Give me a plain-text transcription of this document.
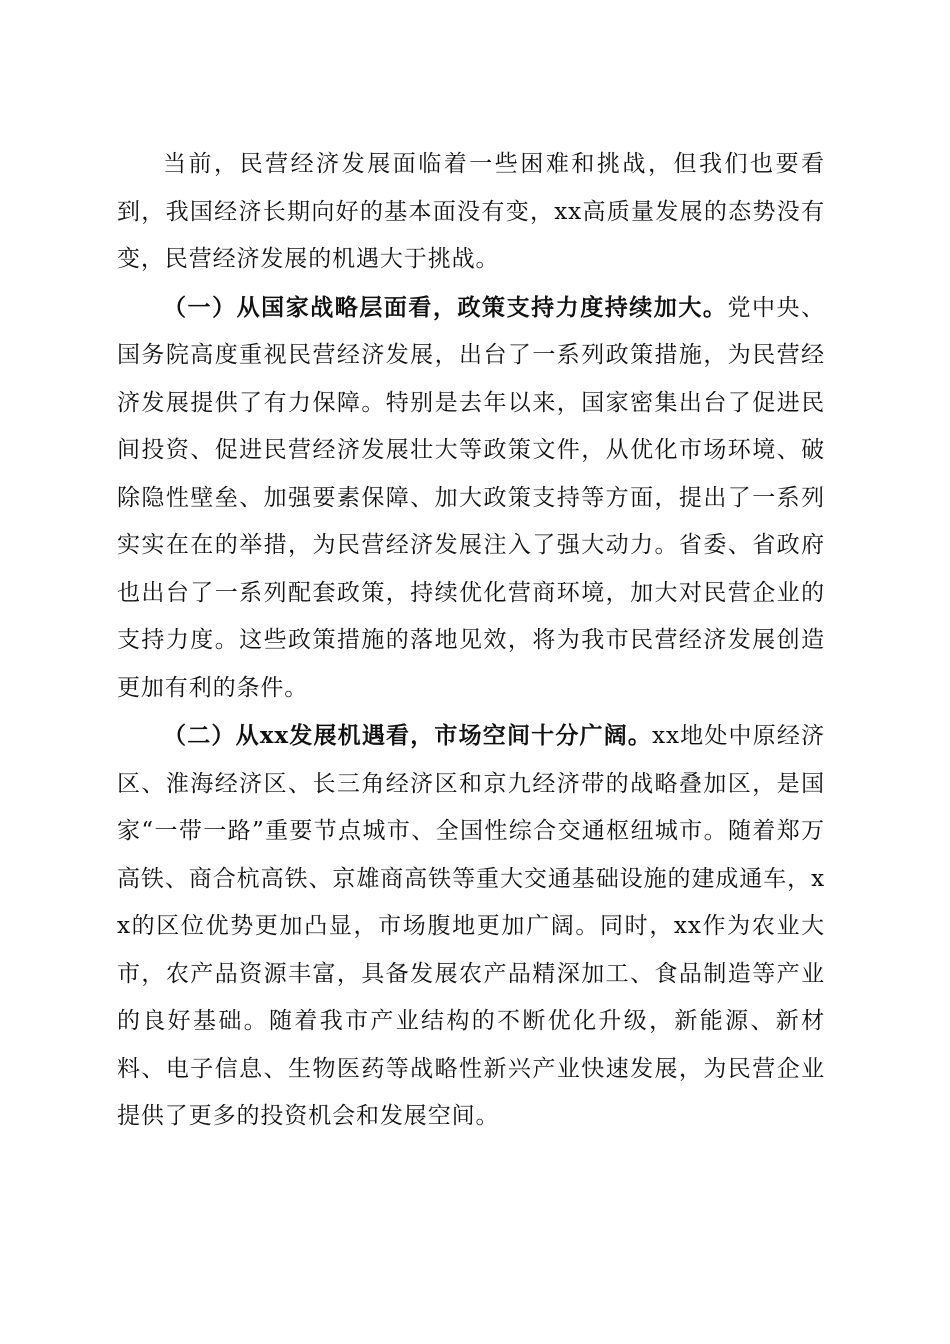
当前，民营经济发展面临着一些困难和挑战，但我们也要看到，我国经济长期向好的基本面没有变，xx高质量发展的态势没有变，民营经济发展的机遇大于挑战。

（一）从国家战略层面看，政策支持力度持续加大。党中央、国务院高度重视民营经济发展，出台了一系列政策措施，为民营经济发展提供了有力保障。特别是去年以来，国家密集出台了促进民间投资、促进民营经济发展壮大等政策文件，从优化市场环境、破除隐性壁垒、加强要素保障、加大政策支持等方面，提出了一系列实实在在的举措，为民营经济发展注入了强大动力。省委、省政府也出台了一系列配套政策，持续优化营商环境，加大对民营企业的支持力度。这些政策措施的落地见效，将为我市民营经济发展创造更加有利的条件。

（二）从xx发展机遇看，市场空间十分广阔。xx地处中原经济区、淮海经济区、长三角经济区和京九经济带的战略叠加区，是国家“一带一路”重要节点城市、全国性综合交通枢纽城市。随着郑万高铁、商合杭高铁、京雄商高铁等重大交通基础设施的建成通车，xx的区位优势更加凸显，市场腹地更加广阔。同时，xx作为农业大市，农产品资源丰富，具备发展农产品精深加工、食品制造等产业的良好基础。随着我市产业结构的不断优化升级，新能源、新材料、电子信息、生物医药等战略性新兴产业快速发展，为民营企业提供了更多的投资机会和发展空间。
